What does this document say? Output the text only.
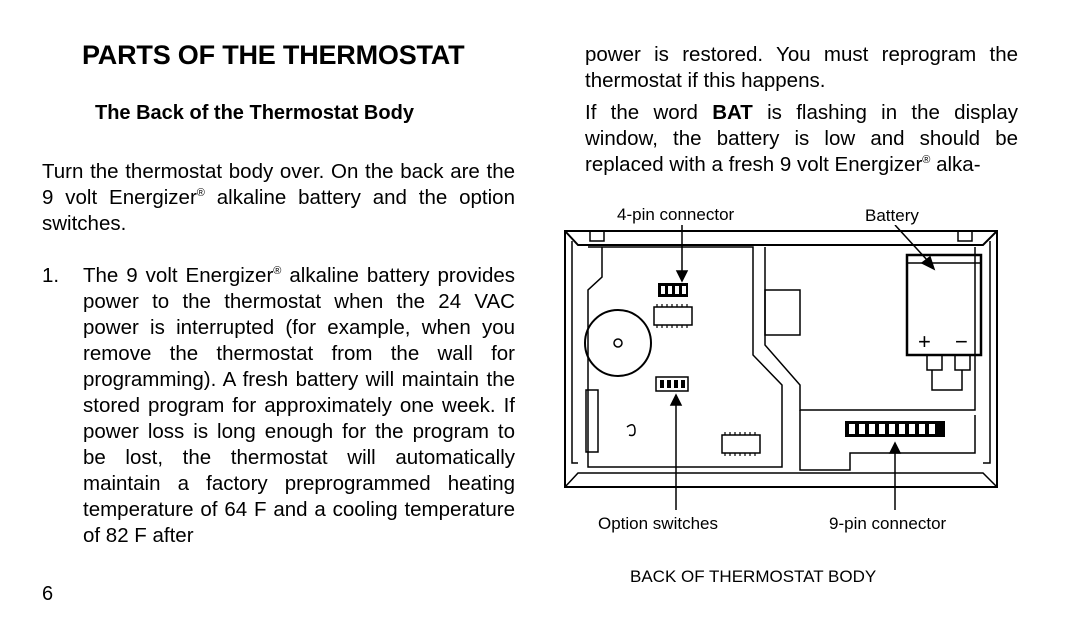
PARTS OF THE THERMOSTAT
The Back of the Thermostat Body
Turn the thermostat body over. On the back are the 9 volt Energizer® alkaline battery and the option switches.
1. The 9 volt Energizer® alkaline battery provides power to the thermostat when the 24 VAC power is interrupted (for example, when you remove the thermostat from the wall for programming). A fresh battery will maintain the stored program for approximately one week. If power loss is long enough for the program to be lost, the thermostat will automatically maintain a factory preprogrammed heating temperature of 64 F and a cooling temperature of 82 F after
6
power is restored. You must reprogram the thermostat if this happens.
If the word BAT is flashing in the display window, the battery is low and should be replaced with a fresh 9 volt Energizer® alka-
4-pin connector	Battery
Option switches	9-pin connector
BACK OF THERMOSTAT BODY
+ −
